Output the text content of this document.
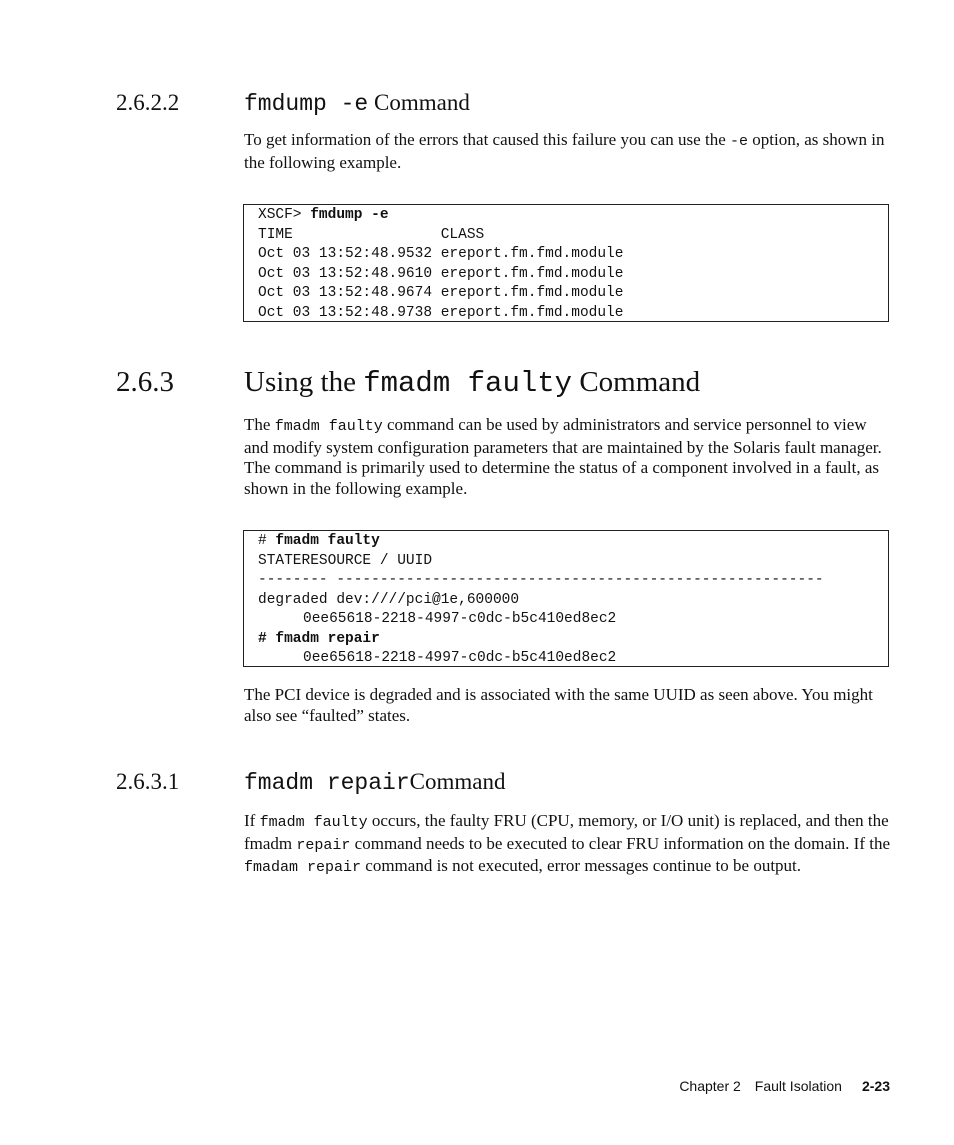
2.6.2.2	fmdump -e Command
To get information of the errors that caused this failure you can use the -e option, as shown in the following example.
XSCF> fmdump -e
TIME                 CLASS
Oct 03 13:52:48.9532 ereport.fm.fmd.module
Oct 03 13:52:48.9610 ereport.fm.fmd.module
Oct 03 13:52:48.9674 ereport.fm.fmd.module
Oct 03 13:52:48.9738 ereport.fm.fmd.module
2.6.3 Using the fmadm faulty Command
The fmadm faulty command can be used by administrators and service personnel to view and modify system configuration parameters that are maintained by the Solaris fault manager. The command is primarily used to determine the status of a component involved in a fault, as shown in the following example.
# fmadm faulty
STATERESOURCE / UUID
-------- --------------------------------------------------------
degraded dev:////pci@1e,600000
0ee65618-2218-4997-c0dc-b5c410ed8ec2
# fmadm repair
0ee65618-2218-4997-c0dc-b5c410ed8ec2
The PCI device is degraded and is associated with the same UUID as seen above. You might also see “faulted” states.
2.6.3.1	fmadm repairCommand
If fmadm faulty occurs, the faulty FRU (CPU, memory, or I/O unit) is replaced, and then the fmadm repair command needs to be executed to clear FRU information on the domain. If the fmadam repair command is not executed, error messages continue to be output.
Chapter 2 Fault Isolation 2-23
